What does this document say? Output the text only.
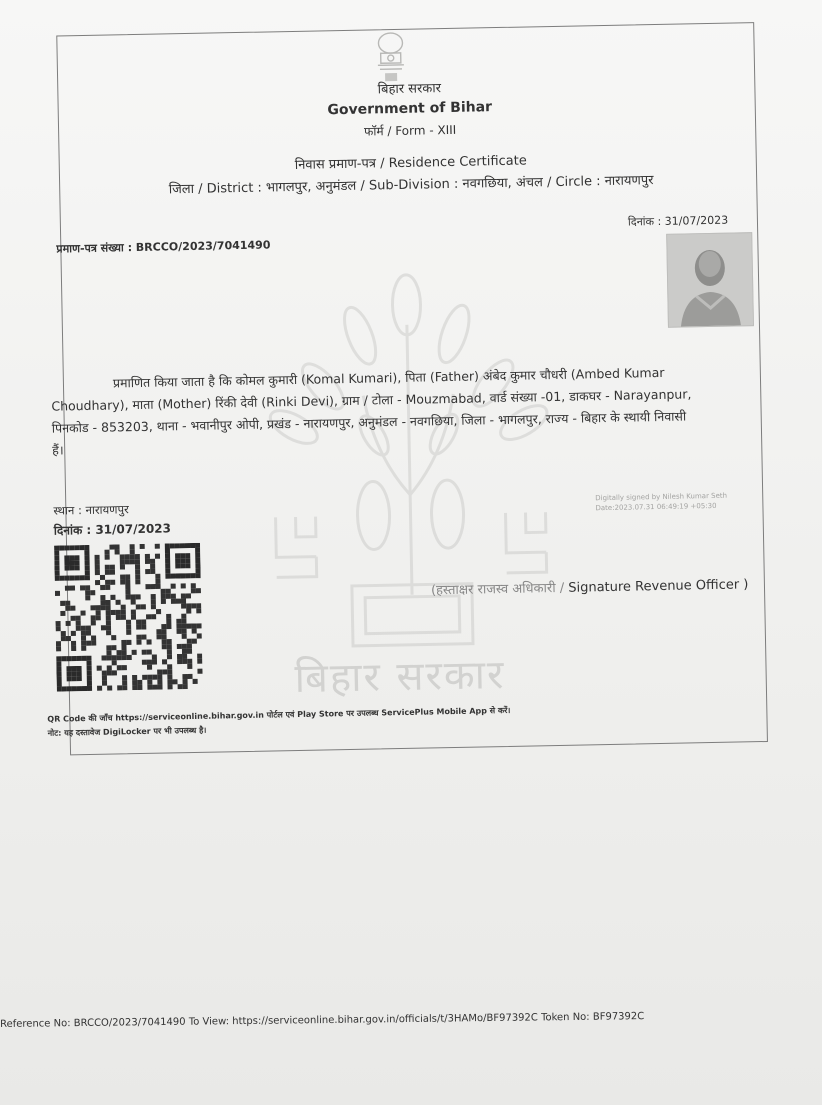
बिहार सरकार
Government of Bihar
फॉर्म / Form - XIII
निवास प्रमाण-पत्र / Residence Certificate
जिला / District : भागलपुर, अनुमंडल / Sub-Division : नवगछिया, अंचल / Circle : नारायणपुर
दिनांक : 31/07/2023
प्रमाण-पत्र संख्या : BRCCO/2023/7041490
बिहार सरकार
प्रमाणित किया जाता है कि कोमल कुमारी (Komal Kumari), पिता (Father) अंबेद कुमार चौधरी (Ambed Kumar
Choudhary), माता (Mother) रिंकी देवी (Rinki Devi), ग्राम / टोला - Mouzmabad, वार्ड संख्या -01, डाकघर - Narayanpur,
पिनकोड - 853203, थाना - भवानीपुर ओपी, प्रखंड - नारायणपुर, अनुमंडल - नवगछिया, जिला - भागलपुर, राज्य - बिहार के स्थायी निवासी
हैं।
स्थान : नारायणपुर
दिनांक : 31/07/2023
Digitally signed by Nilesh Kumar Seth
Date:2023.07.31 06:49:19 +05:30
(हस्ताक्षर राजस्व अधिकारी / Signature Revenue Officer )
QR Code की जाँच https://serviceonline.bihar.gov.in पोर्टल एवं Play Store पर उपलब्ध ServicePlus Mobile App से करें।
नोट: यह दस्तावेज DigiLocker पर भी उपलब्ध है।
Reference No: BRCCO/2023/7041490 To View: https://serviceonline.bihar.gov.in/officials/t/3HAMo/BF97392C Token No: BF97392C
